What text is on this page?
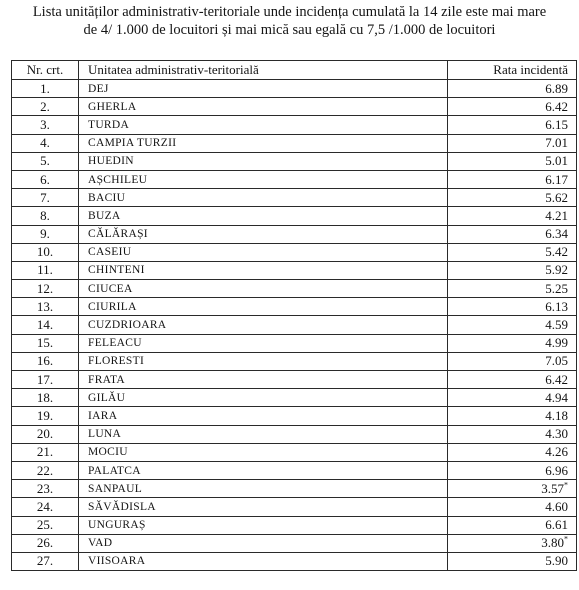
Lista unităților administrativ-teritoriale unde incidența cumulată la 14 zile este mai mare
de 4/ 1.000 de locuitori și mai mică sau egală cu 7,5 /1.000 de locuitori
Nr. crt.	Unitatea administrativ-teritorială	Rata incidentă
1.	DEJ	6.89
2.	GHERLA	6.42
3.	TURDA	6.15
4.	CAMPIA TURZII	7.01
5.	HUEDIN	5.01
6.	AȘCHILEU	6.17
7.	BACIU	5.62
8.	BUZA	4.21
9.	CĂLĂRAȘI	6.34
10.	CASEIU	5.42
11.	CHINTENI	5.92
12.	CIUCEA	5.25
13.	CIURILA	6.13
14.	CUZDRIOARA	4.59
15.	FELEACU	4.99
16.	FLORESTI	7.05
17.	FRATA	6.42
18.	GILĂU	4.94
19.	IARA	4.18
20.	LUNA	4.30
21.	MOCIU	4.26
22.	PALATCA	6.96
23.	SANPAUL	3.57*
24.	SĂVĂDISLA	4.60
25.	UNGURAȘ	6.61
26.	VAD	3.80*
27.	VIISOARA	5.90
